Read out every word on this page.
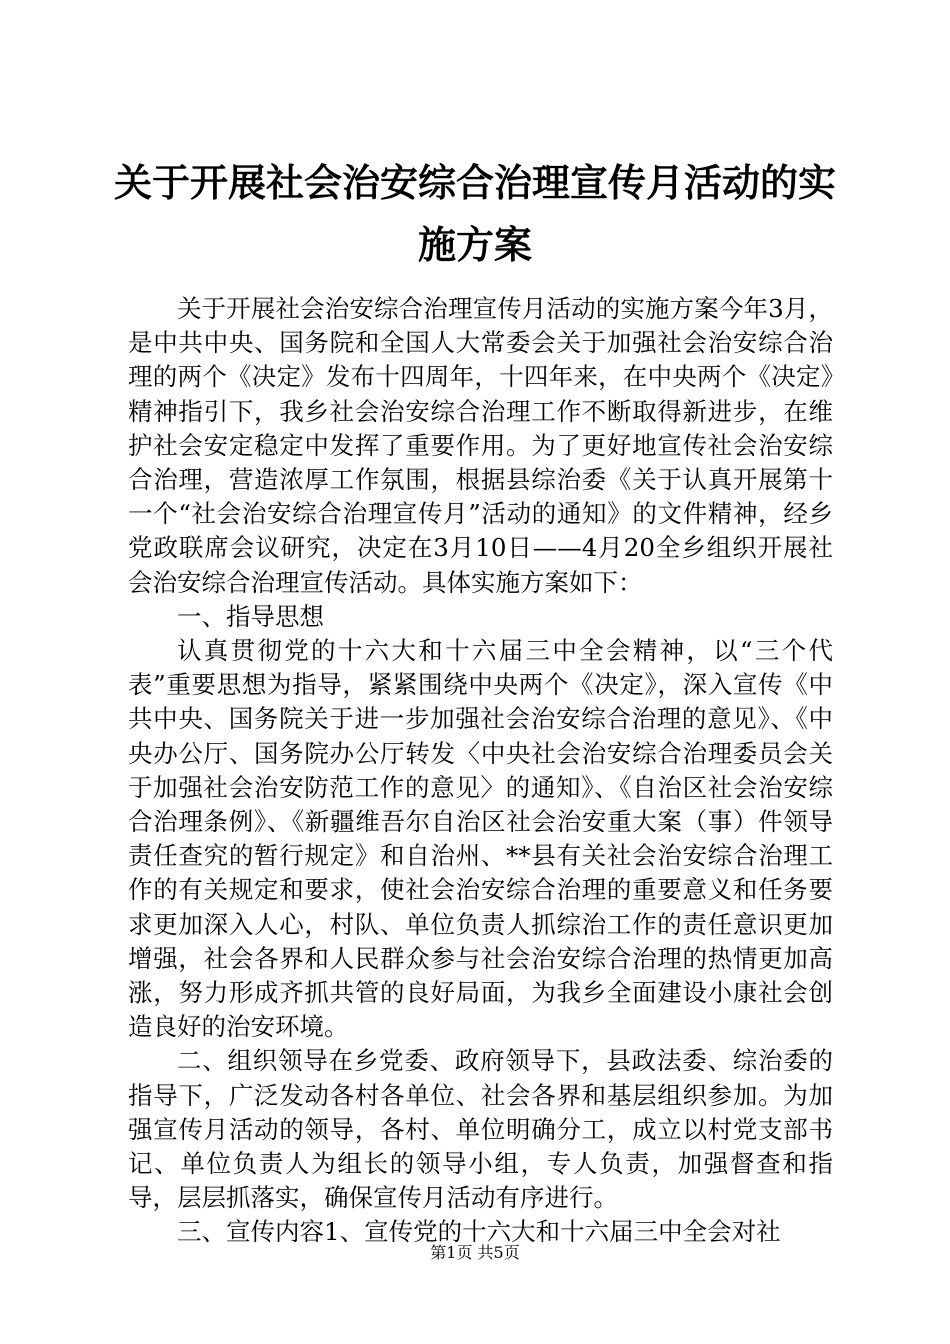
关于开展社会治安综合治理宣传月活动的实施方案

关于开展社会治安综合治理宣传月活动的实施方案今年3月，是中共中央、国务院和全国人大常委会关于加强社会治安综合治理的两个《决定》发布十四周年，十四年来，在中央两个《决定》精神指引下，我乡社会治安综合治理工作不断取得新进步，在维护社会安定稳定中发挥了重要作用。为了更好地宣传社会治安综合治理，营造浓厚工作氛围，根据县综治委《关于认真开展第十一个“社会治安综合治理宣传月”活动的通知》的文件精神，经乡党政联席会议研究，决定在3月10日——4月20全乡组织开展社会治安综合治理宣传活动。具体实施方案如下：

一、指导思想

认真贯彻党的十六大和十六届三中全会精神，以“三个代表”重要思想为指导，紧紧围绕中央两个《决定》，深入宣传《中共中央、国务院关于进一步加强社会治安综合治理的意见》、《中央办公厅、国务院办公厅转发〈中央社会治安综合治理委员会关于加强社会治安防范工作的意见〉的通知》、《自治区社会治安综合治理条例》、《新疆维吾尔自治区社会治安重大案（事）件领导责任查究的暂行规定》和自治州、**县有关社会治安综合治理工作的有关规定和要求，使社会治安综合治理的重要意义和任务要求更加深入人心，村队、单位负责人抓综治工作的责任意识更加增强，社会各界和人民群众参与社会治安综合治理的热情更加高涨，努力形成齐抓共管的良好局面，为我乡全面建设小康社会创造良好的治安环境。

二、组织领导在乡党委、政府领导下，县政法委、综治委的指导下，广泛发动各村各单位、社会各界和基层组织参加。为加强宣传月活动的领导，各村、单位明确分工，成立以村党支部书记、单位负责人为组长的领导小组，专人负责，加强督查和指导，层层抓落实，确保宣传月活动有序进行。

三、宣传内容1、宣传党的十六大和十六届三中全会对社

第1页 共5页
